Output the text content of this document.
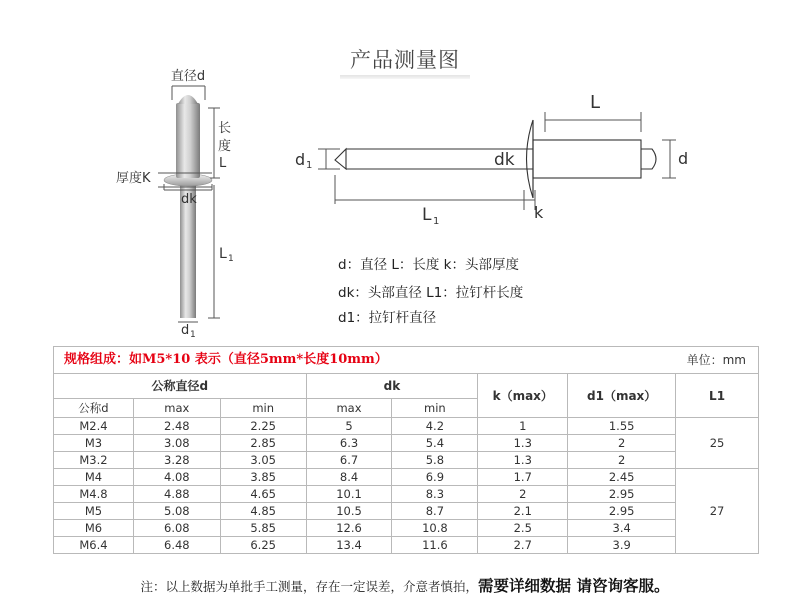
产品测量图
直径d
长
度
L
厚度K
dk
L 1
d 1
L
d 1	dk	d
L 1	k
d：直径 L：长度 k：头部厚度
dk：头部直径 L1：拉钉杆长度
d1：拉钉杆直径
规格组成：如M5*10 表示（直径5mm*长度10mm）						单位：mm	
公称直径d			dk		k（max）	d1（max）	L1
公称d	max	min	max	min			
M2.4	2.48	2.25	5	4.2	1	1.55	25
M3	3.08	2.85	6.3	5.4	1.3	2	
M3.2	3.28	3.05	6.7	5.8	1.3	2	
M4	4.08	3.85	8.4	6.9	1.7	2.45	27
M4.8	4.88	4.65	10.1	8.3	2	2.95	
M5	5.08	4.85	10.5	8.7	2.1	2.95	
M6	6.08	5.85	12.6	10.8	2.5	3.4	
M6.4	6.48	6.25	13.4	11.6	2.7	3.9	
注：以上数据为单批手工测量，存在一定误差，介意者慎拍，需要详细数据 请咨询客服。
